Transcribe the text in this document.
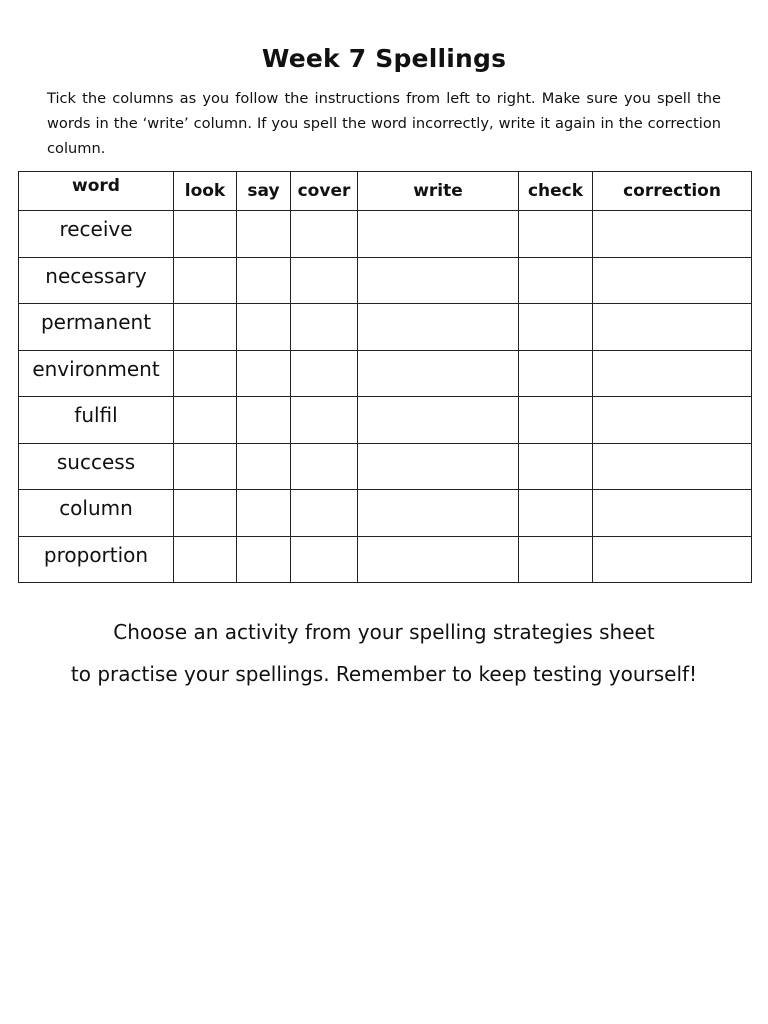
Week 7 Spellings
Tick the columns as you follow the instructions from left to right. Make sure you spell the words in the ‘write’ column. If you spell the word incorrectly, write it again in the correction column.
word	look	say	cover	write	check	correction
receive						
necessary						
permanent						
environment						
fulfil						
success						
column						
proportion						
Choose an activity from your spelling strategies sheet
to practise your spellings. Remember to keep testing yourself!
